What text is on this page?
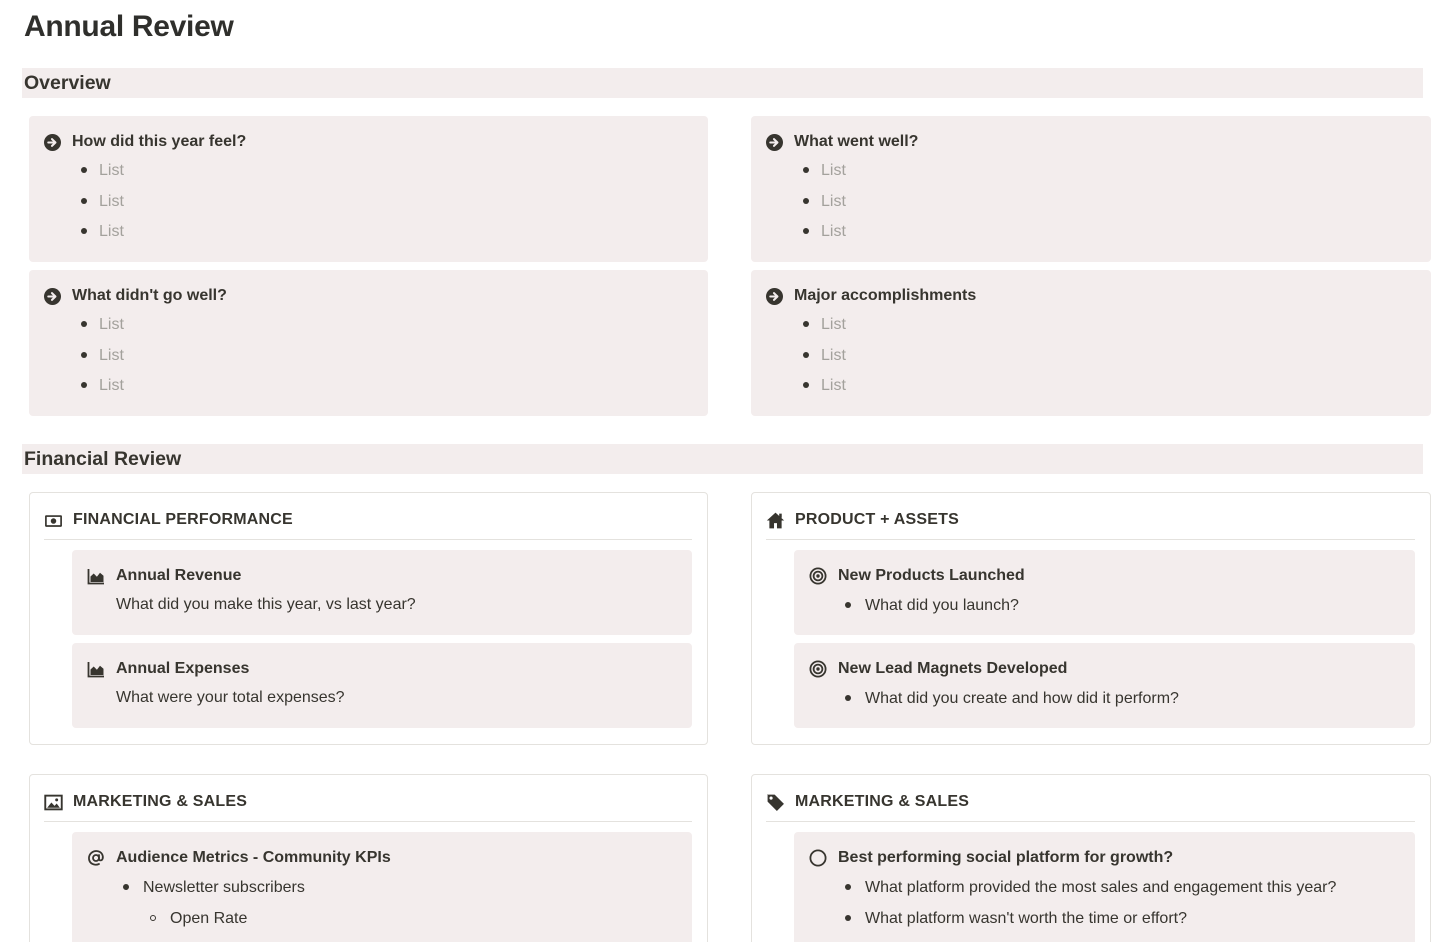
Annual Review
Overview
How did this year feel?
List
List
List
What went well?
List
List
List
What didn't go well?
List
List
List
Major accomplishments
List
List
List
Financial Review
FINANCIAL PERFORMANCE
Annual Revenue
What did you make this year, vs last year?
Annual Expenses
What were your total expenses?
PRODUCT + ASSETS
New Products Launched
What did you launch?
New Lead Magnets Developed
What did you create and how did it perform?
MARKETING & SALES
Audience Metrics - Community KPIs
Newsletter subscribers
Open Rate
MARKETING & SALES
Best performing social platform for growth?
What platform provided the most sales and engagement this year?
What platform wasn't worth the time or effort?
